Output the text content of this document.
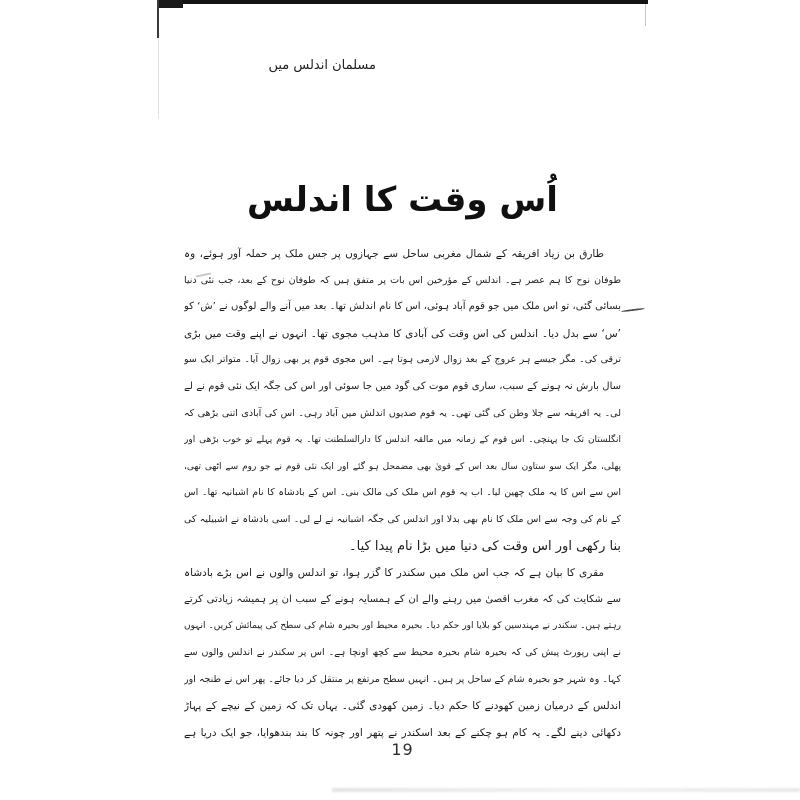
مسلمان اندلس میں
اُس وقت کا اندلس
طارق بن زیاد افریقہ کے شمال مغربی ساحل سے جہازوں پر جس ملک پر حملہ آور ہوئے، وہ
طوفان نوح کا ہم عصر ہے۔ اندلس کے مؤرخین اس بات پر متفق ہیں کہ طوفان نوح کے بعد، جب نئی دنیا
بسائی گئی، تو اس ملک میں جو قوم آباد ہوئی، اس کا نام اندلش تھا۔ بعد میں آنے والے لوگوں نے ’ش‘ کو
’س‘ سے بدل دیا۔ اندلس کی اس وقت کی آبادی کا مذہب مجوی تھا۔ انہوں نے اپنے وقت میں بڑی
ترقی کی۔ مگر جیسے ہر عروج کے بعد زوال لازمی ہوتا ہے۔ اس مجوی قوم پر بھی زوال آیا۔ متواتر ایک سو
سال بارش نہ ہونے کے سبب، ساری قوم موت کی گود میں جا سوئی اور اس کی جگہ ایک نئی قوم نے لے
لی۔ یہ افریقہ سے جلا وطن کی گئی تھی۔ یہ قوم صدیوں اندلش میں آباد رہی۔ اس کی آبادی اتنی بڑھی کہ
انگلستان تک جا پہنچی۔ اس قوم کے زمانہ میں مالقہ اندلس کا دارالسلطنت تھا۔ یہ قوم پہلے تو خوب بڑھی اور
پھلی، مگر ایک سو ستاون سال بعد اس کے قویٰ بھی مضمحل ہو گئے اور ایک نئی قوم نے جو روم سے اٹھی تھی،
اس سے اس کا یہ ملک چھین لیا۔ اب یہ قوم اس ملک کی مالک بنی۔ اس کے بادشاہ کا نام اشبانیہ تھا۔ اس
کے نام کی وجہ سے اس ملک کا نام بھی بدلا اور اندلس کی جگہ اشبانیہ نے لے لی۔ اسی بادشاہ نے اشبیلیہ کی
بنا رکھی اور اس وقت کی دنیا میں بڑا نام پیدا کیا۔
مقری کا بیان ہے کہ جب اس ملک میں سکندر کا گزر ہوا، تو اندلس والوں نے اس بڑے بادشاہ
سے شکایت کی کہ مغرب اقصیٰ میں رہنے والے ان کے ہمسایہ ہونے کے سبب ان پر ہمیشہ زیادتی کرتے
رہتے ہیں۔ سکندر نے مہندسین کو بلایا اور حکم دیا۔ بحیرہ محیط اور بحیرہ شام کی سطح کی پیمائش کریں۔ انہوں
نے اپنی رپورٹ پیش کی کہ بحیرہ شام بحیرہ محیط سے کچھ اونچا ہے۔ اس پر سکندر نے اندلس والوں سے
کہا۔ وہ شہر جو بحیرہ شام کے ساحل پر ہیں۔ انہیں سطح مرتفع پر منتقل کر دیا جائے۔ پھر اس نے طنجہ اور
اندلس کے درمیان زمین کھودنے کا حکم دیا۔ زمین کھودی گئی۔ یہاں تک کہ زمین کے نیچے کے پہاڑ
دکھائی دینے لگے۔ یہ کام ہو چکنے کے بعد اسکندر نے پتھر اور چونہ کا بند بندھوایا، جو ایک دریا ہے
19
